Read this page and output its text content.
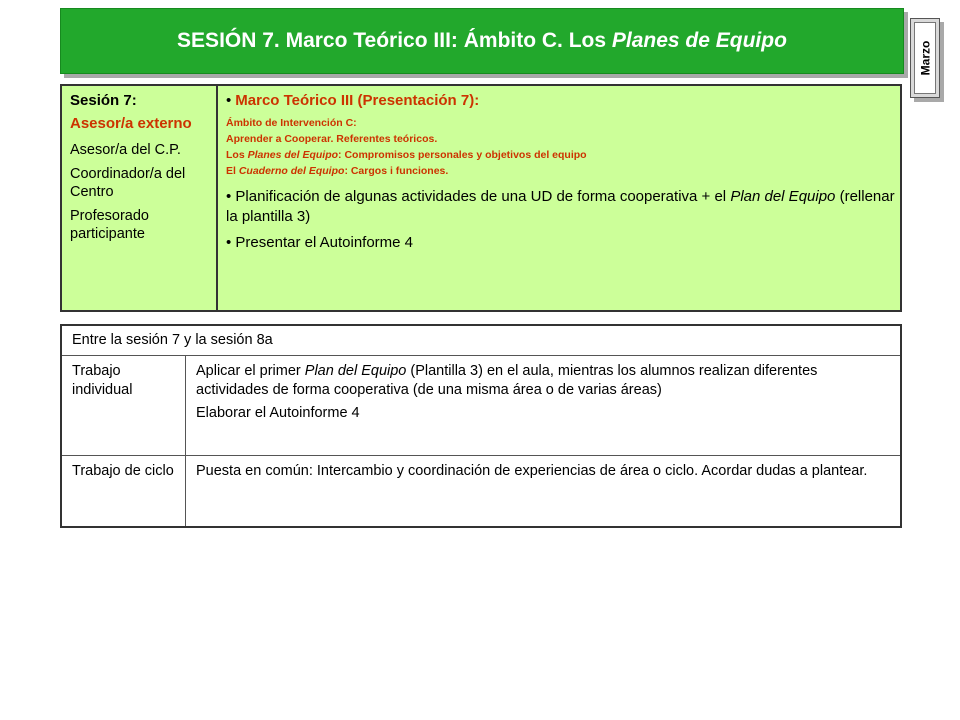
SESIÓN 7. Marco Teórico III: Ámbito C. Los Planes de Equipo
Marzo
Sesión 7:
Asesor/a externo
Asesor/a del C.P.
Coordinador/a del Centro
Profesorado participante
• Marco Teórico III (Presentación 7):
Ámbito de Intervención C:
Aprender a Cooperar. Referentes teóricos.
Los Planes del Equipo: Compromisos personales y objetivos del equipo
El Cuaderno del Equipo: Cargos i funciones.
• Planificación de algunas actividades de una UD de forma cooperativa + el Plan del Equipo (rellenar la plantilla 3)
• Presentar el Autoinforme 4
Entre la sesión 7 y la sesión 8a
Trabajo individual

Aplicar el primer Plan del Equipo (Plantilla 3) en el aula, mientras los alumnos realizan diferentes actividades de forma cooperativa (de una misma área o de varias áreas)

Elaborar el Autoinforme 4

Trabajo de ciclo	Puesta en común: Intercambio y coordinación de experiencias de área o ciclo. Acordar dudas a plantear.
